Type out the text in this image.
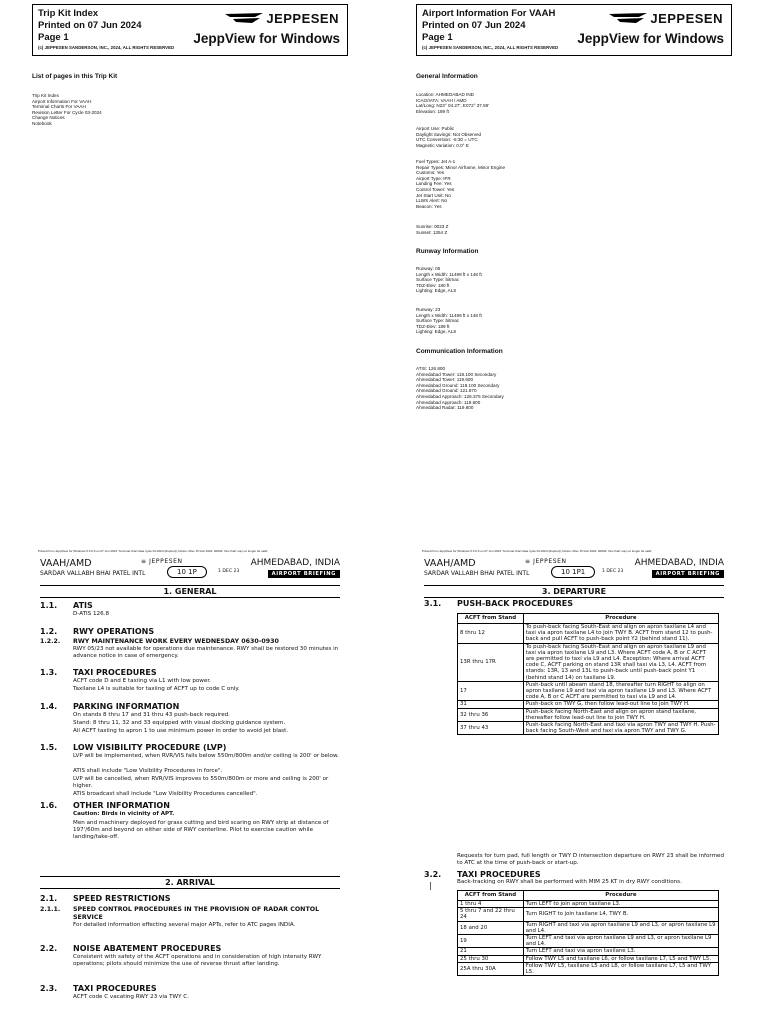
Trip Kit Index
Printed on 07 Jun 2024
Page 1
(c) JEPPESEN SANDERSON, INC., 2024, ALL RIGHTS RESERVED
JEPPESEN
JeppView for Windows
List of pages in this Trip Kit
Trip Kit Index
Airport Information For VAAH
Terminal Charts For VAAH
Revision Letter For Cycle 03-2024
Change Notices
Notebook
Airport Information For VAAH
Printed on 07 Jun 2024
Page 1
(c) JEPPESEN SANDERSON, INC., 2024, ALL RIGHTS RESERVED
JEPPESEN
JeppView for Windows
General Information
Location: AHMEDABAD IND
ICAO/IATA: VAAH / AMD
Lat/Long: N23° 04.27', E072° 37.59'
Elevation: 189 ft
Airport Use: Public
Daylight Savings: Not Observed
UTC Conversion: -5:30 = UTC
Magnetic Variation: 0.0° E
Fuel Types: Jet A-1
Repair Types: Minor Airframe, Minor Engine
Customs: Yes
Airport Type: IFR
Landing Fee: Yes
Control Tower: Yes
Jet Start Unit: No
LLWS Alert: No
Beacon: Yes
Sunrise: 0023 Z
Sunset: 1354 Z
Runway Information
Runway: 05
Length x Width: 11499 ft x 148 ft
Surface Type: bitmac
TDZ-Elev: 180 ft
Lighting: Edge, ALS
Runway: 23
Length x Width: 11499 ft x 148 ft
Surface Type: bitmac
TDZ-Elev: 189 ft
Lighting: Edge, ALS
Communication Information
ATIS: 126.800
Ahmedabad Tower: 118.100 Secondary
Ahmedabad Tower: 119.600
Ahmedabad Ground: 118.100 Secondary
Ahmedabad Ground: 121.870
Ahmedabad Approach: 126.375 Secondary
Ahmedabad Approach: 119.600
Ahmedabad Radar: 119.600
Printed from JeppView for Windows 5.3.0.0 on 07 Jun 2024; Terminal chart data cycle 03-2024 (Expired); Notice: After 15 Feb 2024, 0000Z, this chart may no longer be valid
VAAH/AMD
SARDAR VALLABH BHAI PATEL INTL
≡ JEPPESEN
10 1P	1 DEC 23
AHMEDABAD, INDIA
AIRPORT BRIEFING
1. GENERAL
1.1. ATIS
D-ATIS 126.8
1.2. RWY OPERATIONS
1.2.2. RWY MAINTENANCE WORK EVERY WEDNESDAY 0630-0930
RWY 05/23 not available for operations due maintenance. RWY shall be restored 30 minutes in advance notice in case of emergency.
1.3. TAXI PROCEDURES
ACFT code D and E taxiing via L1 with low power.
Taxilane L4 is suitable for taxiing of ACFT up to code C only.
1.4. PARKING INFORMATION
On stands 8 thru 17 and 31 thru 43 push-back required.
Stand: 8 thru 11, 32 and 33 equipped with visual docking guidance system.
All ACFT taxiing to apron 1 to use minimum power in order to avoid jet blast.
1.5. LOW VISIBILITY PROCEDURE (LVP)
LVP will be implemented, when RVR/VIS falls below 550m/800m and/or ceiling is 200' or below.
ATIS shall include "Low Visibility Procedures in force".
LVP will be cancelled, when RVR/VIS improves to 550m/800m or more and ceiling is 200' or higher.
ATIS broadcast shall include "Low Visibility Procedures cancelled".
1.6. OTHER INFORMATION
Caution: Birds in vicinity of APT.
Men and machinery deployed for grass cutting and bird scaring on RWY strip at distance of 197'/60m and beyond on either side of RWY centerline. Pilot to exercise caution while landing/take-off.
2. ARRIVAL
2.1. SPEED RESTRICTIONS
2.1.1. SPEED CONTROL PROCEDURES IN THE PROVISION OF RADAR CONTOL SERVICE
For detailed information effecting several major APTs, refer to ATC pages INDIA.
2.2. NOISE ABATEMENT PROCEDURES
Consistent with safety of the ACFT operations and in consideration of high intensity RWY operations; pilots should minimize the use of reverse thrust after landing.
2.3. TAXI PROCEDURES
ACFT code C vacating RWY 23 via TWY C.
Printed from JeppView for Windows 5.3.0.0 on 07 Jun 2024; Terminal chart data cycle 03-2024 (Expired); Notice: After 15 Feb 2024, 0000Z, this chart may no longer be valid
VAAH/AMD
SARDAR VALLABH BHAI PATEL INTL
≡ JEPPESEN
10 1P1	1 DEC 23
AHMEDABAD, INDIA
AIRPORT BRIEFING
3. DEPARTURE
3.1. PUSH-BACK PROCEDURES
ACFT from Stand	Procedure
8 thru 12	To push-back facing South-East and align on apron taxilane L4 and taxi via apron taxilane L4 to join TWY B. ACFT from stand 12 to push-back and pull ACFT to push-back point Y2 (behind stand 11).
13R thru 17R	To push-back facing South-East and align on apron taxilane L9 and taxi via apron taxilane L9 and L3. Where ACFT code A, B or C ACFT are permitted to taxi via L9 and L4. Exception: Where arrival ACFT code C, ACFT parking on stand 13R shall taxi via L3, L4. ACFT from stands: 13R, 13 and 13L to push-back until push-back point Y1 (behind stand 14) on taxilane L9.
17	Push-back until abeam stand 18, thereafter turn RIGHT to align on apron taxilane L9 and taxi via apron taxilane L9 and L3. Where ACFT code A, B or C ACFT are permitted to taxi via L9 and L4.
31	Push-back on TWY G, then follow lead-out line to join TWY H.
32 thru 36	Push-back facing North-East and align on apron stand taxilane, thereafter follow lead-out line to join TWY H.
37 thru 43	Push-back facing North-East and taxi via apron TWY and TWY H. Push-back facing South-West and taxi via apron TWY and TWY G.
Requests for turn pad, full length or TWY D intersection departure on RWY 23 shall be informed to ATC at the time of push-back or start-up.
3.2. TAXI PROCEDURES
Back-tracking on RWY shall be performed with MIM 25 KT in dry RWY conditions.
|
ACFT from Stand	Procedure
1 thru 4	Turn LEFT to join apron taxilane L3.
5 thru 7 and 22 thru 24	Turn RIGHT to join taxilane L4, TWY B.
18 and 20	Turn RIGHT and taxi via apron taxilane L9 and L3, or apron taxilane L9 and L4.
19	Turn LEFT and taxi via apron taxilane L9 and L3, or apron taxilane L9 and L4.
21	Turn LEFT and taxi via apron taxilane L3.
25 thru 30	Follow TWY L5 and taxilane L6, or follow taxilane L7, L5 and TWY L5.
25A thru 30A	Follow TWY L5, taxilane L5 and L8, or follow taxilane L7, L5 and TWY L5.
